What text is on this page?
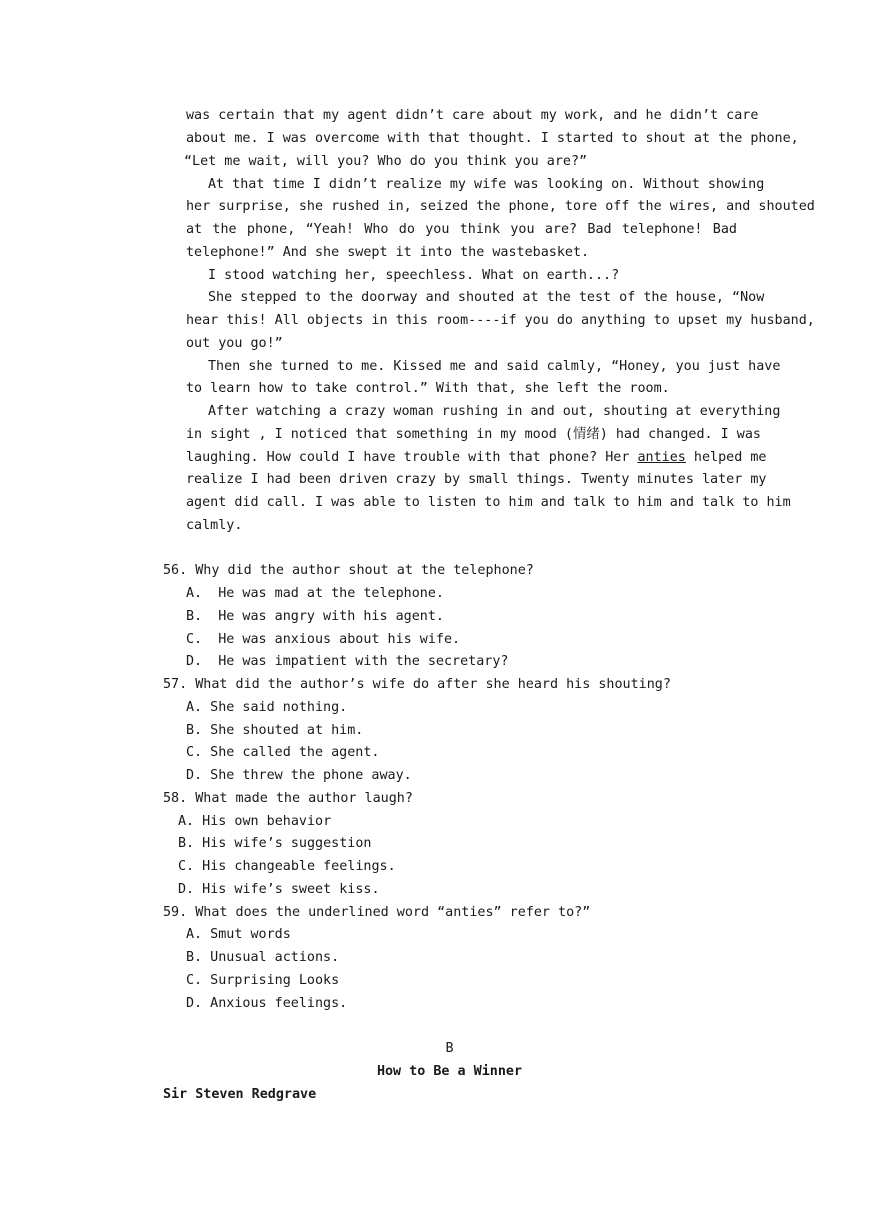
was certain that my agent didn’t care about my work, and he didn’t care
about me. I was overcome with that thought. I started to shout at the phone,
“Let me wait, will you? Who do you think you are?”
At that time I didn’t realize my wife was looking on. Without showing
her surprise, she rushed in, seized the phone, tore off the wires, and shouted
at the phone, “Yeah! Who do you think you are? Bad telephone! Bad
telephone!” And she swept it into the wastebasket.
I stood watching her, speechless. What on earth...?
She stepped to the doorway and shouted at the test of the house, “Now
hear this! All objects in this room----if you do anything to upset my husband,
out you go!”
Then she turned to me. Kissed me and said calmly, “Honey, you just have
to learn how to take control.” With that, she left the room.
After watching a crazy woman rushing in and out, shouting at everything
in sight , I noticed that something in my mood (情绪) had changed. I was
laughing. How could I have trouble with that phone? Her anties helped me
realize I had been driven crazy by small things. Twenty minutes later my
agent did call. I was able to listen to him and talk to him and talk to him
calmly.
56. Why did the author shout at the telephone?
A.  He was mad at the telephone.
B.  He was angry with his agent.
C.  He was anxious about his wife.
D.  He was impatient with the secretary?
57. What did the author’s wife do after she heard his shouting?
A. She said nothing.
B. She shouted at him.
C. She called the agent.
D. She threw the phone away.
58. What made the author laugh?
A. His own behavior
B. His wife’s suggestion
C. His changeable feelings.
D. His wife’s sweet kiss.
59. What does the underlined word “anties” refer to?”
A. Smut words
B. Unusual actions.
C. Surprising Looks
D. Anxious feelings.
B
How to Be a Winner
Sir Steven Redgrave
